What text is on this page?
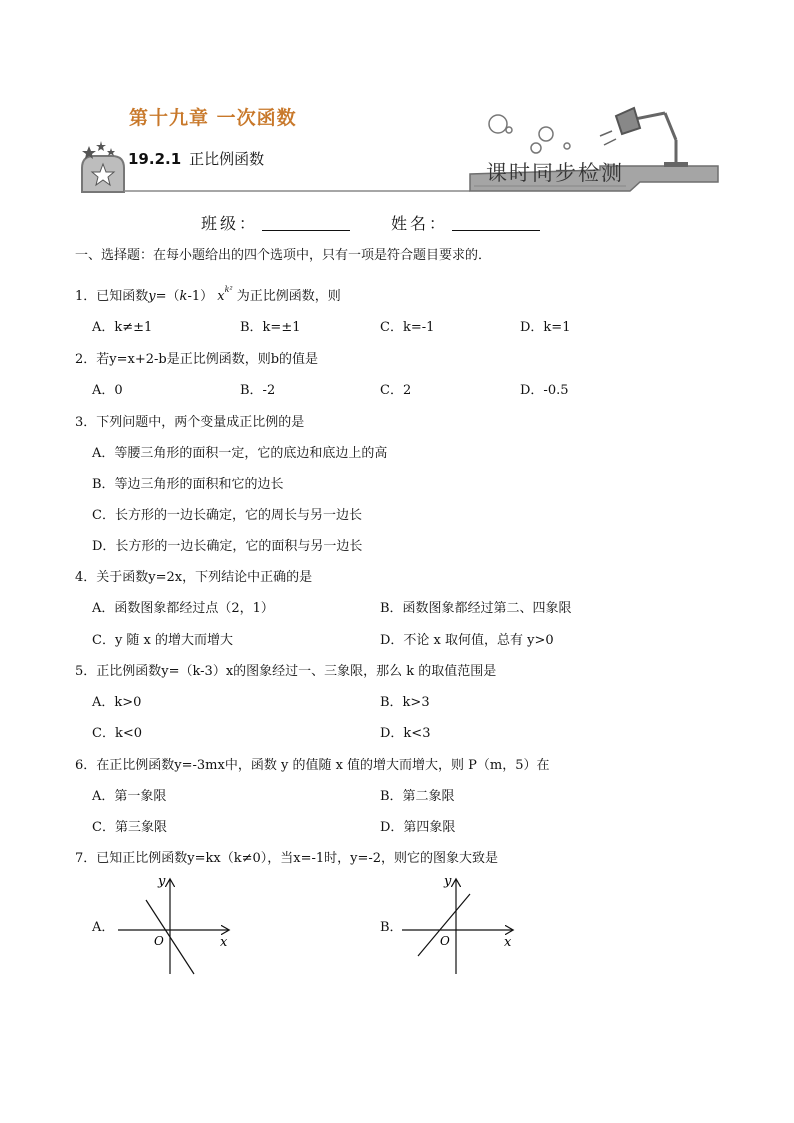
第十九章 一次函数
19.2.1 正比例函数
课时同步检测
班级：	姓名：
一、选择题：在每小题给出的四个选项中，只有一项是符合题目要求的．
1．已知函数y=（k-1） $x^{k^2}$ 为正比例函数，则
A．k≠±1	B．k=±1	C．k=-1	D．k=1
2．若y=x+2-b是正比例函数，则b的值是
A．0	B．-2	C．2	D．-0.5
3．下列问题中，两个变量成正比例的是
A．等腰三角形的面积一定，它的底边和底边上的高
B．等边三角形的面积和它的边长
C．长方形的一边长确定，它的周长与另一边长
D．长方形的一边长确定，它的面积与另一边长
4．关于函数y=2x，下列结论中正确的是
A．函数图象都经过点（2，1）	B．函数图象都经过第二、四象限
C．y 随 x 的增大而增大	D．不论 x 取何值，总有 y>0
5．正比例函数y=（k-3）x的图象经过一、三象限，那么 k 的取值范围是
A．k>0	B．k>3
C．k<0	D．k<3
6．在正比例函数y=-3mx中，函数 y 的值随 x 值的增大而增大，则 P（m，5）在
A．第一象限	B．第二象限
C．第三象限	D．第四象限
7．已知正比例函数y=kx（k≠0），当x=-1时，y=-2，则它的图象大致是
A．	B．
y
x
O
y
x
O
